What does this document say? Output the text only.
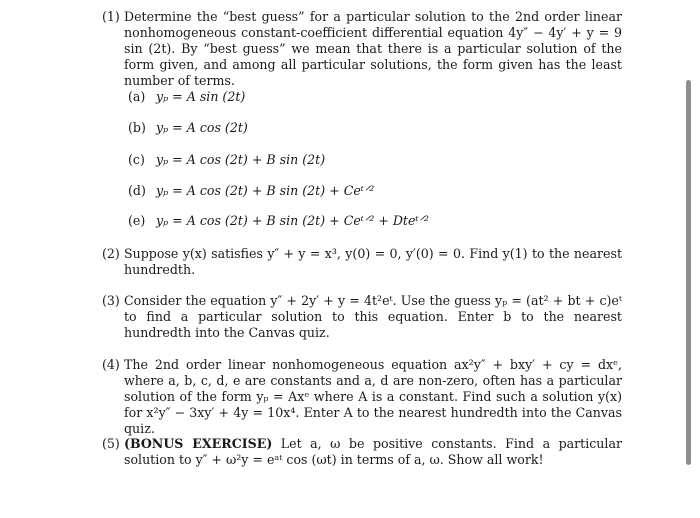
(1) Determine the “best guess” for a particular solution to the 2nd order linear nonhomogeneous constant-coefficient differential equation 4y″ − 4y′ + y = 9 sin (2t). By “best guess” we mean that there is a particular solution of the form given, and among all particular solutions, the form given has the least number of terms.
(a) yₚ = A sin (2t)
(b) yₚ = A cos (2t)
(c) yₚ = A cos (2t) + B sin (2t)
(d) yₚ = A cos (2t) + B sin (2t) + Ceᵗᐟ²
(e) yₚ = A cos (2t) + B sin (2t) + Ceᵗᐟ² + Dteᵗᐟ²
(2) Suppose y(x) satisfies y″ + y = x³, y(0) = 0, y′(0) = 0. Find y(1) to the nearest hundredth.
(3) Consider the equation y″ + 2y′ + y = 4t²eᵗ. Use the guess yₚ = (at² + bt + c)eᵗ to find a particular solution to this equation. Enter b to the nearest hundredth into the Canvas quiz.
(4) The 2nd order linear nonhomogeneous equation ax²y″ + bxy′ + cy = dxᵉ, where a, b, c, d, e are constants and a, d are non-zero, often has a particular solution of the form yₚ = Axᵉ where A is a constant. Find such a solution y(x) for x²y″ − 3xy′ + 4y = 10x⁴. Enter A to the nearest hundredth into the Canvas quiz.
(5) (BONUS EXERCISE) Let a, ω be positive constants. Find a particular solution to y″ + ω²y = eᵃᵗ cos (ωt) in terms of a, ω. Show all work!
